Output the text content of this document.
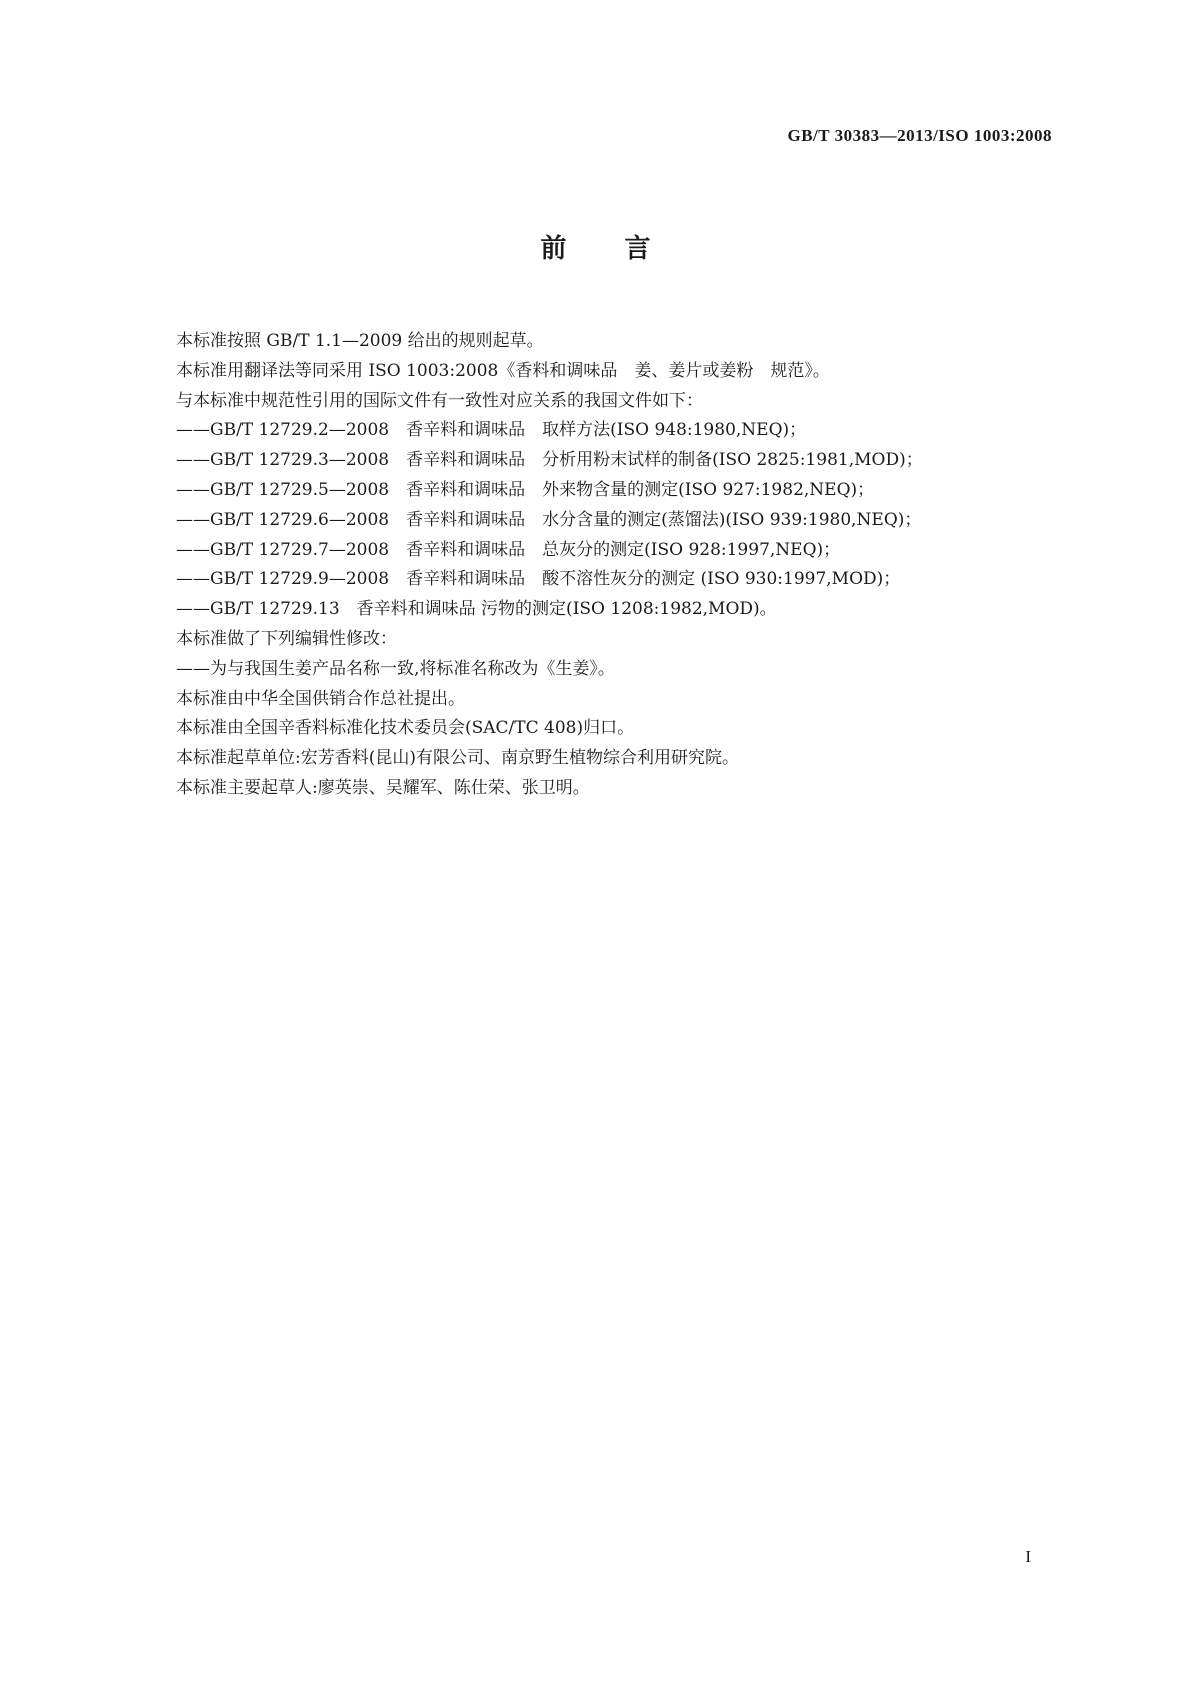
GB/T 30383—2013/ISO 1003:2008
前 言
本标准按照 GB/T 1.1—2009 给出的规则起草。
本标准用翻译法等同采用 ISO 1003:2008《香料和调味品　姜、姜片或姜粉　规范》。
与本标准中规范性引用的国际文件有一致性对应关系的我国文件如下：
——GB/T 12729.2—2008　香辛料和调味品　取样方法(ISO 948:1980,NEQ)；
——GB/T 12729.3—2008　香辛料和调味品　分析用粉末试样的制备(ISO 2825:1981,MOD)；
——GB/T 12729.5—2008　香辛料和调味品　外来物含量的测定(ISO 927:1982,NEQ)；
——GB/T 12729.6—2008　香辛料和调味品　水分含量的测定(蒸馏法)(ISO 939:1980,NEQ)；
——GB/T 12729.7—2008　香辛料和调味品　总灰分的测定(ISO 928:1997,NEQ)；
——GB/T 12729.9—2008　香辛料和调味品　酸不溶性灰分的测定 (ISO 930:1997,MOD)；
——GB/T 12729.13　香辛料和调味品 污物的测定(ISO 1208:1982,MOD)。
本标准做了下列编辑性修改：
——为与我国生姜产品名称一致,将标准名称改为《生姜》。
本标准由中华全国供销合作总社提出。
本标准由全国辛香料标准化技术委员会(SAC/TC 408)归口。
本标准起草单位:宏芳香料(昆山)有限公司、南京野生植物综合利用研究院。
本标准主要起草人:廖英崇、吴耀军、陈仕荣、张卫明。
I
